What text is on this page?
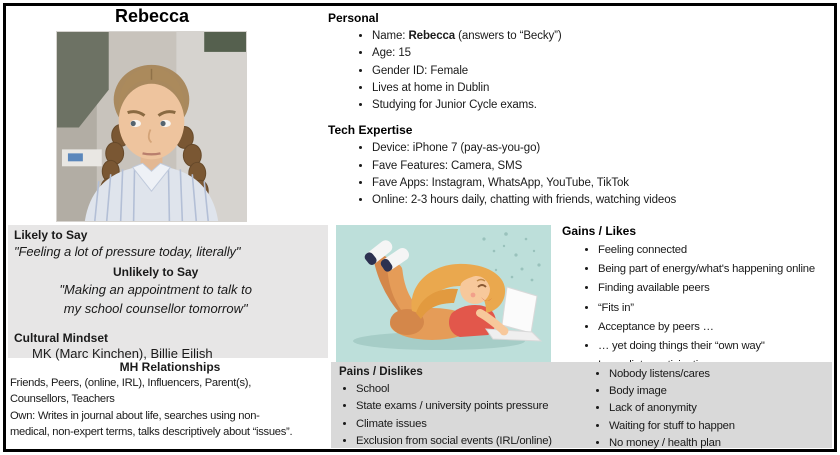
Rebecca	Personal
• Name: Rebecca (answers to “Becky”)
• Age: 15
• Gender ID: Female
• Lives at home in Dublin
• Studying for Junior Cycle exams.
Tech Expertise
• Device: iPhone 7 (pay-as-you-go)
• Fave Features: Camera, SMS
• Fave Apps: Instagram, WhatsApp, YouTube, TikTok
• Online: 2-3 hours daily, chatting with friends, watching videos
Likely to Say
"Feeling a lot of pressure today, literally"
Unlikely to Say
"Making an appointment to talk to
my school counsellor tomorrow"
Cultural Mindset
MK (Marc Kinchen), Billie Eilish
Gains / Likes
• Feeling connected
• Being part of energy/what's happening online
• Finding available peers
• “Fits in”
• Acceptance by peers …
• … yet doing things their “own way"
•
MH Relationships
Friends, Peers, (online, IRL), Influencers, Parent(s),
Counsellors, Teachers
Own: Writes in journal about life, searches using non-
medical, non-expert terms, talks descriptively about “issues”.
Pains / Dislikes
• School
• State exams / university points pressure
• Climate issues
• Exclusion from social events (IRL/online)
• Nobody listens/cares
• Body image
• Lack of anonymity
• Waiting for stuff to happen
• No money / health plan
